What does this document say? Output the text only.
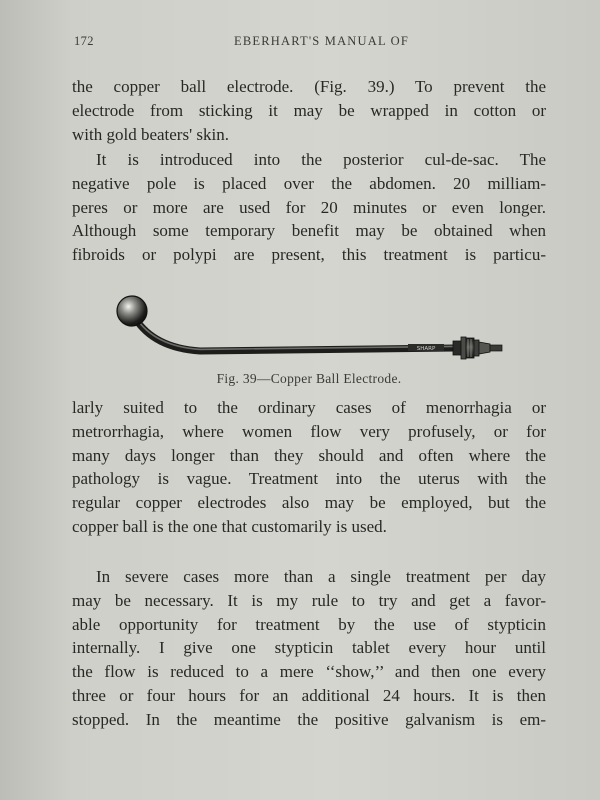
172	EBERHART'S MANUAL OF
the copper ball electrode. (Fig. 39.) To prevent the
electrode from sticking it may be wrapped in cotton or
with gold beaters' skin.
It is introduced into the posterior cul-de-sac. The
negative pole is placed over the abdomen. 20 milliam-
peres or more are used for 20 minutes or even longer.
Although some temporary benefit may be obtained when
fibroids or polypi are present, this treatment is particu-
SHARP
Fig. 39—Copper Ball Electrode.
larly suited to the ordinary cases of menorrhagia or
metrorrhagia, where women flow very profusely, or for
many days longer than they should and often where the
pathology is vague. Treatment into the uterus with the
regular copper electrodes also may be employed, but the
copper ball is the one that customarily is used.
In severe cases more than a single treatment per day
may be necessary. It is my rule to try and get a favor-
able opportunity for treatment by the use of stypticin
internally. I give one stypticin tablet every hour until
the flow is reduced to a mere ‘‘show,’’ and then one every
three or four hours for an additional 24 hours. It is then
stopped. In the meantime the positive galvanism is em-
